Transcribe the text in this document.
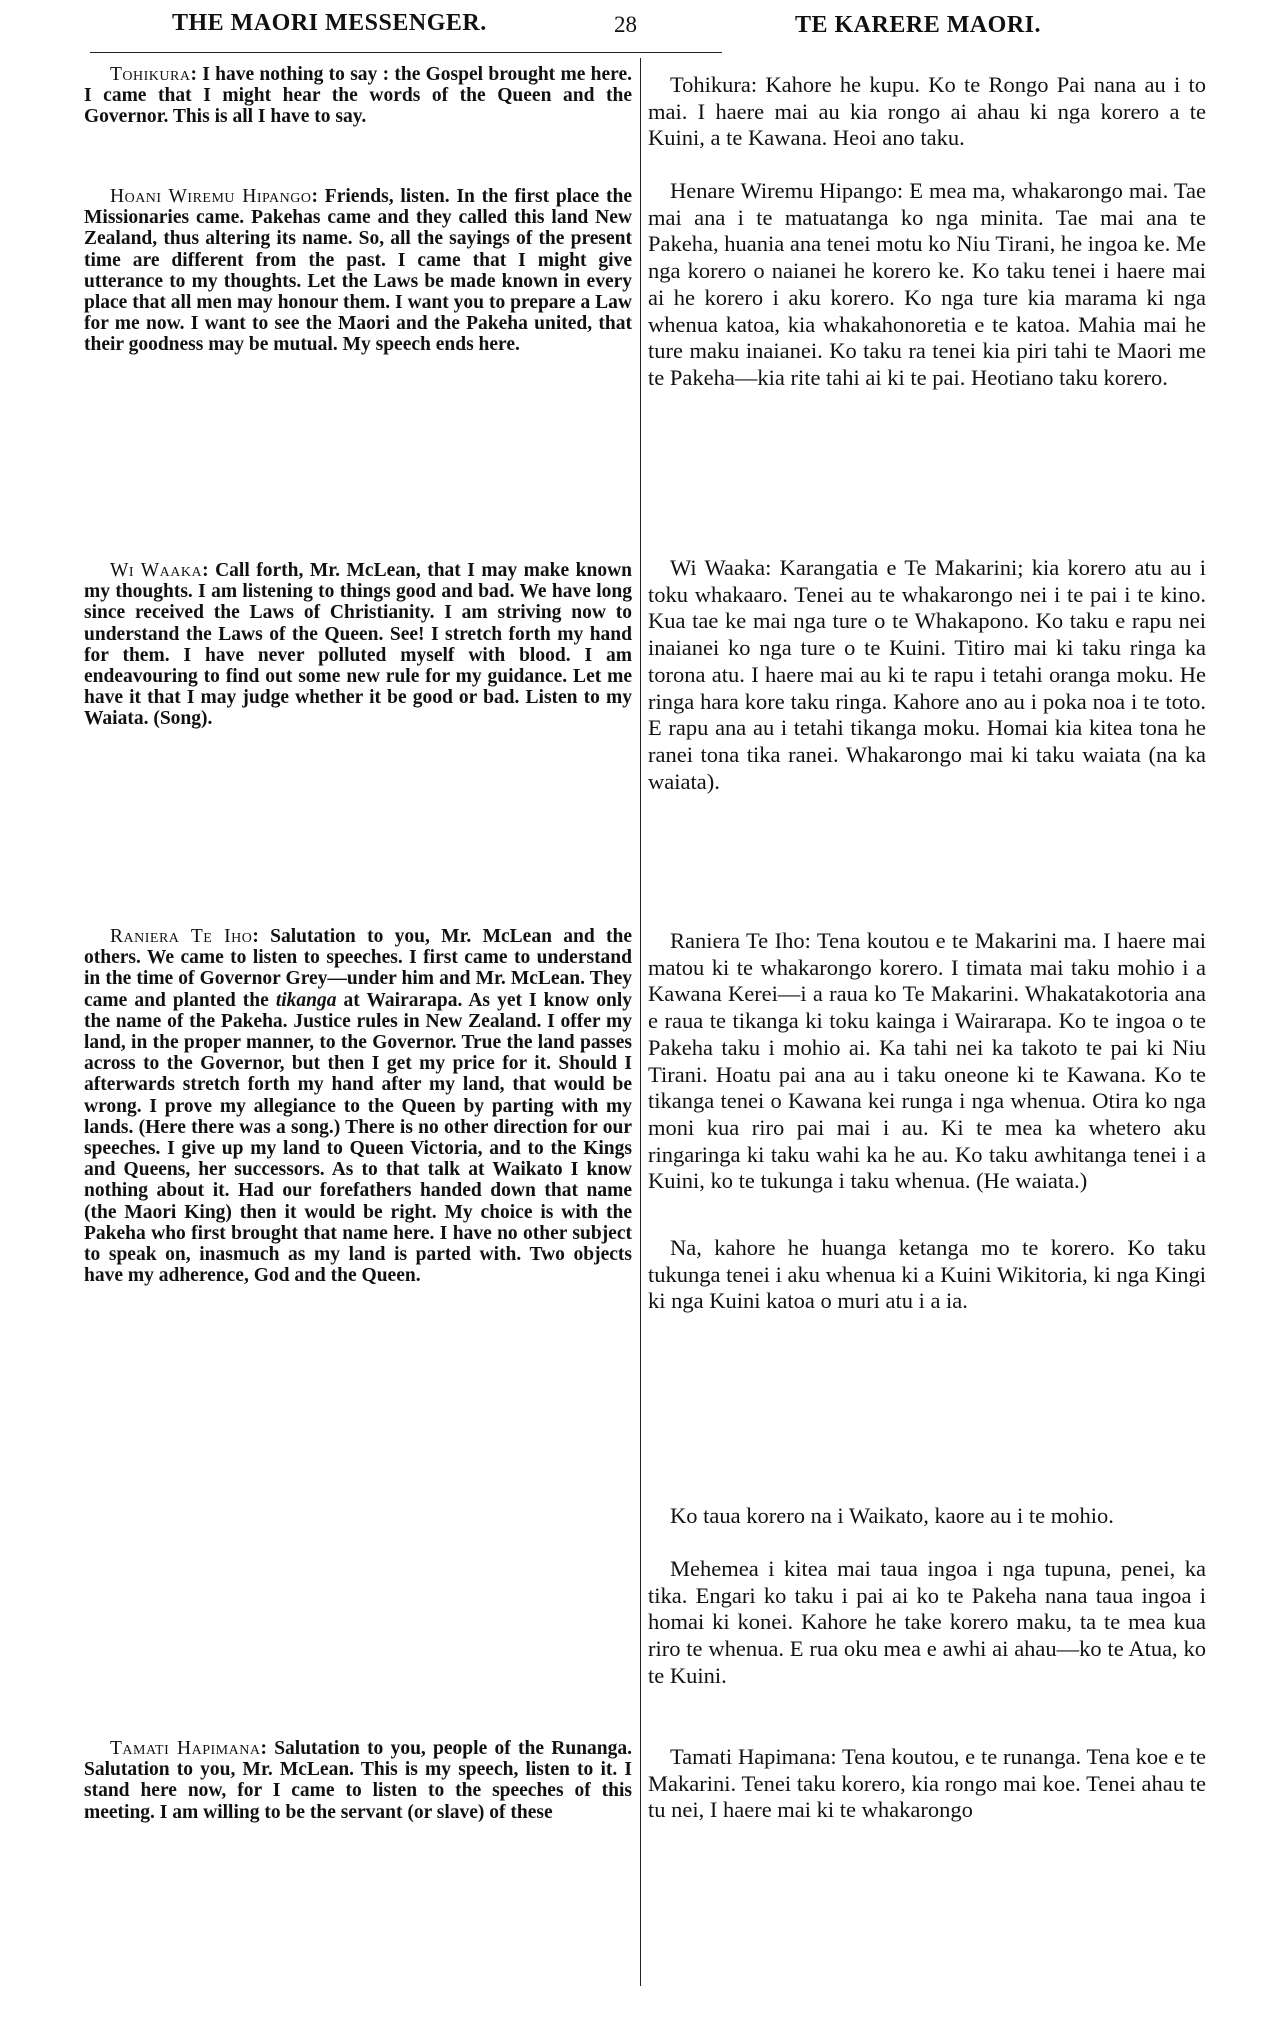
THE MAORI MESSENGER.	28	TE KARERE MAORI.

Tohikura: I have nothing to say : the Gospel brought me here. I came that I might hear the words of the Queen and the Governor. This is all I have to say.

Hoani Wiremu Hipango: Friends, listen. In the first place the Missionaries came. Pakehas came and they called this land New Zealand, thus altering its name. So, all the sayings of the present time are different from the past. I came that I might give utterance to my thoughts. Let the Laws be made known in every place that all men may honour them. I want you to prepare a Law for me now. I want to see the Maori and the Pakeha united, that their goodness may be mutual. My speech ends here.

Wi Waaka: Call forth, Mr. McLean, that I may make known my thoughts. I am listening to things good and bad. We have long since received the Laws of Christianity. I am striving now to understand the Laws of the Queen. See! I stretch forth my hand for them. I have never polluted myself with blood. I am endeavouring to find out some new rule for my guidance. Let me have it that I may judge whether it be good or bad. Listen to my Waiata. (Song).

Raniera Te Iho: Salutation to you, Mr. McLean and the others. We came to listen to speeches. I first came to understand in the time of Governor Grey—under him and Mr. McLean. They came and planted the tikanga at Wairarapa. As yet I know only the name of the Pakeha. Justice rules in New Zealand. I offer my land, in the proper manner, to the Governor. True the land passes across to the Governor, but then I get my price for it. Should I afterwards stretch forth my hand after my land, that would be wrong. I prove my allegiance to the Queen by parting with my lands. (Here there was a song.) There is no other direction for our speeches. I give up my land to Queen Victoria, and to the Kings and Queens, her successors. As to that talk at Waikato I know nothing about it. Had our forefathers handed down that name (the Maori King) then it would be right. My choice is with the Pakeha who first brought that name here. I have no other subject to speak on, inasmuch as my land is parted with. Two objects have my adherence, God and the Queen.

Tamati Hapimana: Salutation to you, people of the Runanga. Salutation to you, Mr. McLean. This is my speech, listen to it. I stand here now, for I came to listen to the speeches of this meeting. I am willing to be the servant (or slave) of these

Tohikura: Kahore he kupu. Ko te Rongo Pai nana au i to mai. I haere mai au kia rongo ai ahau ki nga korero a te Kuini, a te Kawana. Heoi ano taku.

Henare Wiremu Hipango: E mea ma, whakarongo mai. Tae mai ana i te matuatanga ko nga minita. Tae mai ana te Pakeha, huania ana tenei motu ko Niu Tirani, he ingoa ke. Me nga korero o naianei he korero ke. Ko taku tenei i haere mai ai he korero i aku korero. Ko nga ture kia marama ki nga whenua katoa, kia whakahonoretia e te katoa. Mahia mai he ture maku inaianei. Ko taku ra tenei kia piri tahi te Maori me te Pakeha—kia rite tahi ai ki te pai. Heotiano taku korero.

Wi Waaka: Karangatia e Te Makarini; kia korero atu au i toku whakaaro. Tenei au te whakarongo nei i te pai i te kino. Kua tae ke mai nga ture o te Whakapono. Ko taku e rapu nei inaianei ko nga ture o te Kuini. Titiro mai ki taku ringa ka torona atu. I haere mai au ki te rapu i tetahi oranga moku. He ringa hara kore taku ringa. Kahore ano au i poka noa i te toto. E rapu ana au i tetahi tikanga moku. Homai kia kitea tona he ranei tona tika ranei. Whakarongo mai ki taku waiata (na ka waiata).

Raniera Te Iho: Tena koutou e te Makarini ma. I haere mai matou ki te whakarongo korero. I timata mai taku mohio i a Kawana Kerei—i a raua ko Te Makarini. Whakatakotoria ana e raua te tikanga ki toku kainga i Wairarapa. Ko te ingoa o te Pakeha taku i mohio ai. Ka tahi nei ka takoto te pai ki Niu Tirani. Hoatu pai ana au i taku oneone ki te Kawana. Ko te tikanga tenei o Kawana kei runga i nga whenua. Otira ko nga moni kua riro pai mai i au. Ki te mea ka whetero aku ringaringa ki taku wahi ka he au. Ko taku awhitanga tenei i a Kuini, ko te tukunga i taku whenua. (He waiata.)

Na, kahore he huanga ketanga mo te korero. Ko taku tukunga tenei i aku whenua ki a Kuini Wikitoria, ki nga Kingi ki nga Kuini katoa o muri atu i a ia.

Ko taua korero na i Waikato, kaore au i te mohio.

Mehemea i kitea mai taua ingoa i nga tupuna, penei, ka tika. Engari ko taku i pai ai ko te Pakeha nana taua ingoa i homai ki konei. Kahore he take korero maku, ta te mea kua riro te whenua. E rua oku mea e awhi ai ahau—ko te Atua, ko te Kuini.

Tamati Hapimana: Tena koutou, e te runanga. Tena koe e te Makarini. Tenei taku korero, kia rongo mai koe. Tenei ahau te tu nei, I haere mai ki te whakarongo
